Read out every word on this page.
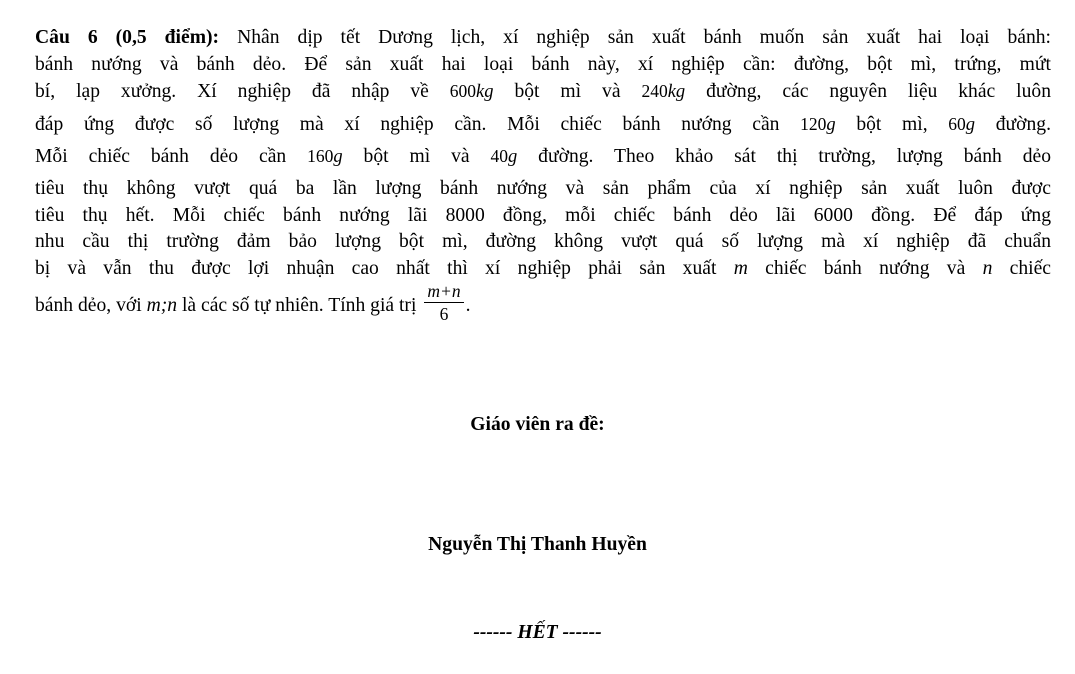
Câu 6 (0,5 điểm): Nhân dịp tết Dương lịch, xí nghiệp sản xuất bánh muốn sản xuất hai loại bánh:
bánh nướng và bánh dẻo. Để sản xuất hai loại bánh này, xí nghiệp cần: đường, bột mì, trứng, mứt
bí, lạp xưởng. Xí nghiệp đã nhập về 600kg bột mì và 240kg đường, các nguyên liệu khác luôn
đáp ứng được số lượng mà xí nghiệp cần. Mỗi chiếc bánh nướng cần 120g bột mì, 60g đường.
Mỗi chiếc bánh dẻo cần 160g bột mì và 40g đường. Theo khảo sát thị trường, lượng bánh dẻo
tiêu thụ không vượt quá ba lần lượng bánh nướng và sản phẩm của xí nghiệp sản xuất luôn được
tiêu thụ hết. Mỗi chiếc bánh nướng lãi 8000 đồng, mỗi chiếc bánh dẻo lãi 6000 đồng. Để đáp ứng
nhu cầu thị trường đảm bảo lượng bột mì, đường không vượt quá số lượng mà xí nghiệp đã chuẩn
bị và vẫn thu được lợi nhuận cao nhất thì xí nghiệp phải sản xuất m chiếc bánh nướng và n chiếc
bánh dẻo, với m;n là các số tự nhiên. Tính giá trị $\frac{m+n}{6}$ .
Giáo viên ra đề:
Nguyễn Thị Thanh Huyền
------ HẾT ------
